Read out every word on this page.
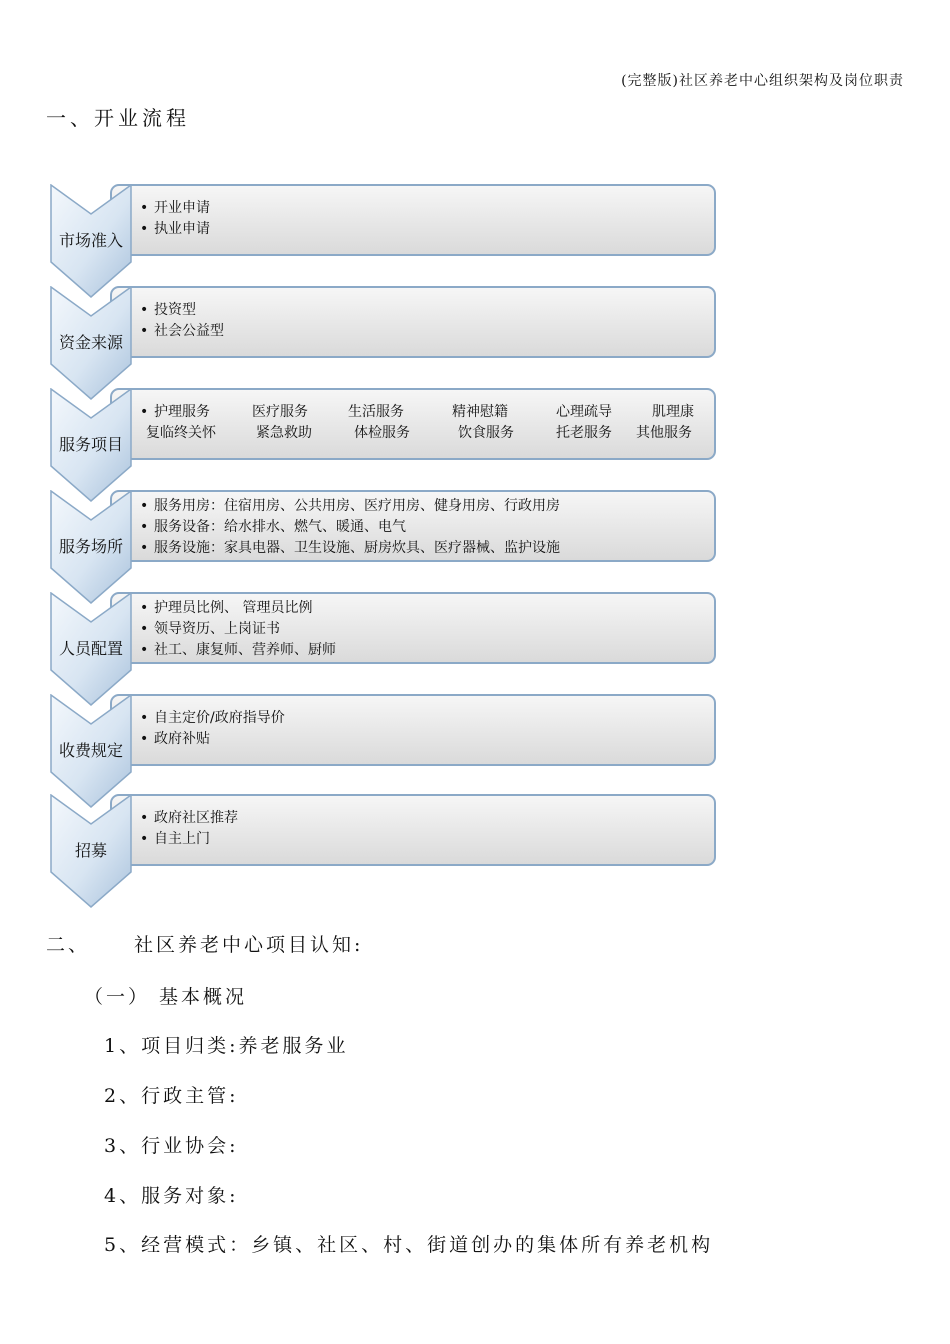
(完整版)社区养老中心组织架构及岗位职责
一、开业流程
市场准入
• 开业申请
• 执业申请
资金来源
• 投资型
• 社会公益型
服务项目
• 护理服务	医疗服务	生活服务	精神慰籍	心理疏导	肌理康
复临终关怀	紧急救助	体检服务	饮食服务	托老服务 其他服务
服务场所
• 服务用房：住宿用房、公共用房、医疗用房、健身用房、行政用房
• 服务设备：给水排水、燃气、暖通、电气
• 服务设施：家具电器、卫生设施、厨房炊具、医疗器械、监护设施
人员配置
• 护理员比例、 管理员比例
• 领导资历、上岗证书
• 社工、康复师、营养师、厨师
收费规定
• 自主定价/政府指导价
• 政府补贴
招募
• 政府社区推荐
• 自主上门
二、 社区养老中心项目认知:
（一） 基本概况
1、项目归类:养老服务业
2、行政主管:
3、行业协会:
4、服务对象:
5、经营模式：乡镇、社区、村、街道创办的集体所有养老机构
